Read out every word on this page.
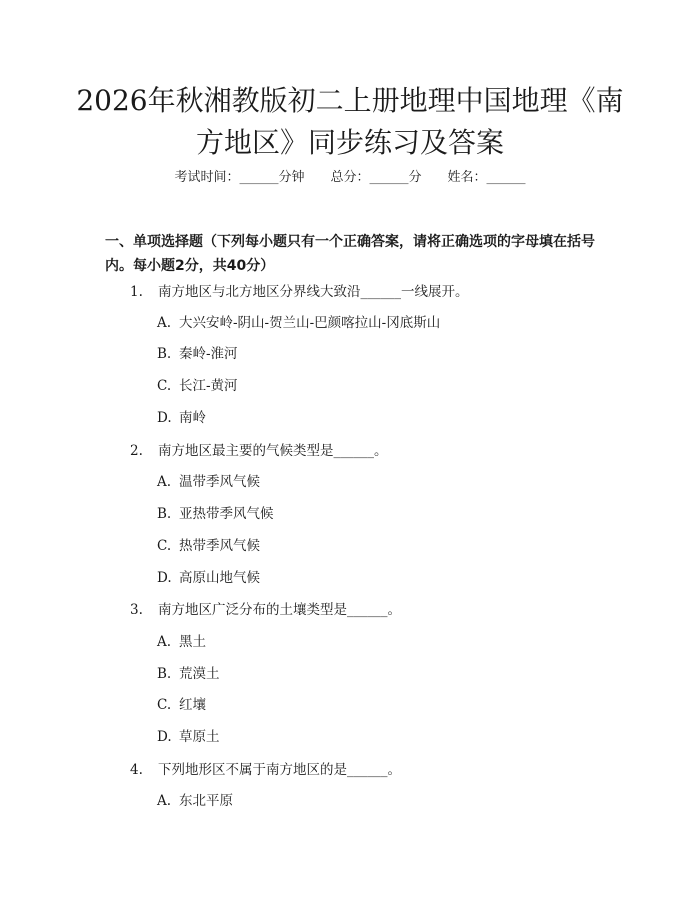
2026年秋湘教版初二上册地理中国地理《南
方地区》同步练习及答案
考试时间：______分钟 总分：______分 姓名：______
一、单项选择题（下列每小题只有一个正确答案，请将正确选项的字母填在括号内。每小题2分，共40分）
1. 南方地区与北方地区分界线大致沿______一线展开。
A. 大兴安岭-阴山-贺兰山-巴颜喀拉山-冈底斯山
B. 秦岭-淮河
C. 长江-黄河
D. 南岭
2. 南方地区最主要的气候类型是______。
A. 温带季风气候
B. 亚热带季风气候
C. 热带季风气候
D. 高原山地气候
3. 南方地区广泛分布的土壤类型是______。
A. 黑土
B. 荒漠土
C. 红壤
D. 草原土
4. 下列地形区不属于南方地区的是______。
A. 东北平原
